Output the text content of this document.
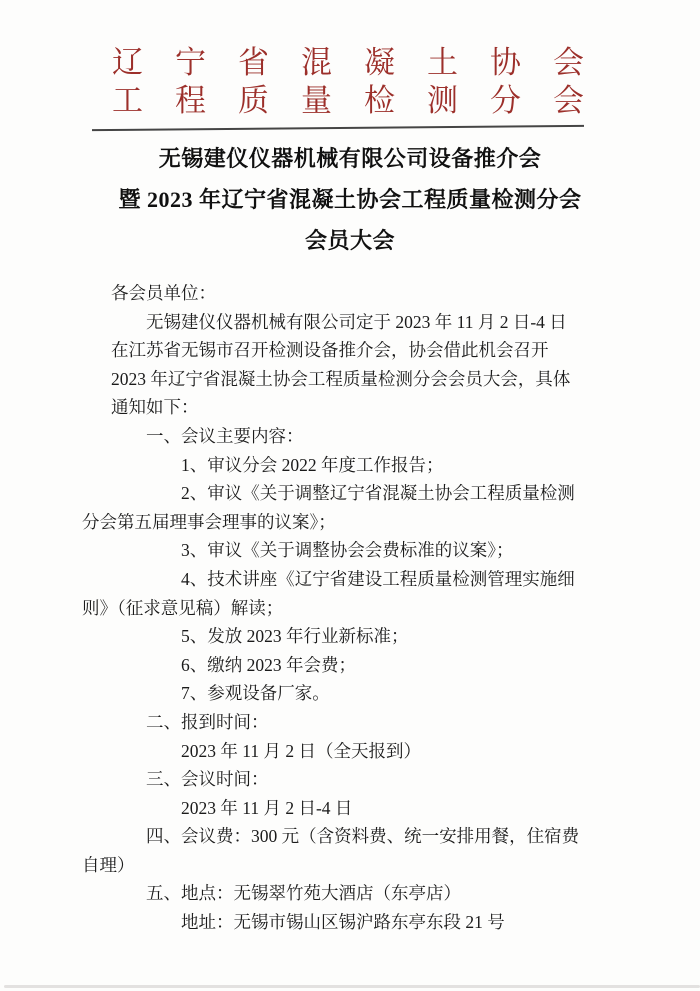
辽 宁 省 混 凝 土 协 会
工 程 质 量 检 测 分 会
无锡建仪仪器机械有限公司设备推介会
暨 2023 年辽宁省混凝土协会工程质量检测分会
会员大会
各会员单位：
无锡建仪仪器机械有限公司定于 2023 年 11 月 2 日-4 日
在江苏省无锡市召开检测设备推介会，协会借此机会召开
2023 年辽宁省混凝土协会工程质量检测分会会员大会，具体
通知如下：
一、会议主要内容：
1、审议分会 2022 年度工作报告；
2、审议《关于调整辽宁省混凝土协会工程质量检测
分会第五届理事会理事的议案》；
3、审议《关于调整协会会费标准的议案》；
4、技术讲座《辽宁省建设工程质量检测管理实施细
则》（征求意见稿）解读；
5、发放 2023 年行业新标准；
6、缴纳 2023 年会费；
7、参观设备厂家。
二、报到时间：
2023 年 11 月 2 日（全天报到）
三、会议时间：
2023 年 11 月 2 日-4 日
四、会议费：300 元（含资料费、统一安排用餐，住宿费
自理）
五、地点：无锡翠竹苑大酒店（东亭店）
地址：无锡市锡山区锡沪路东亭东段 21 号
